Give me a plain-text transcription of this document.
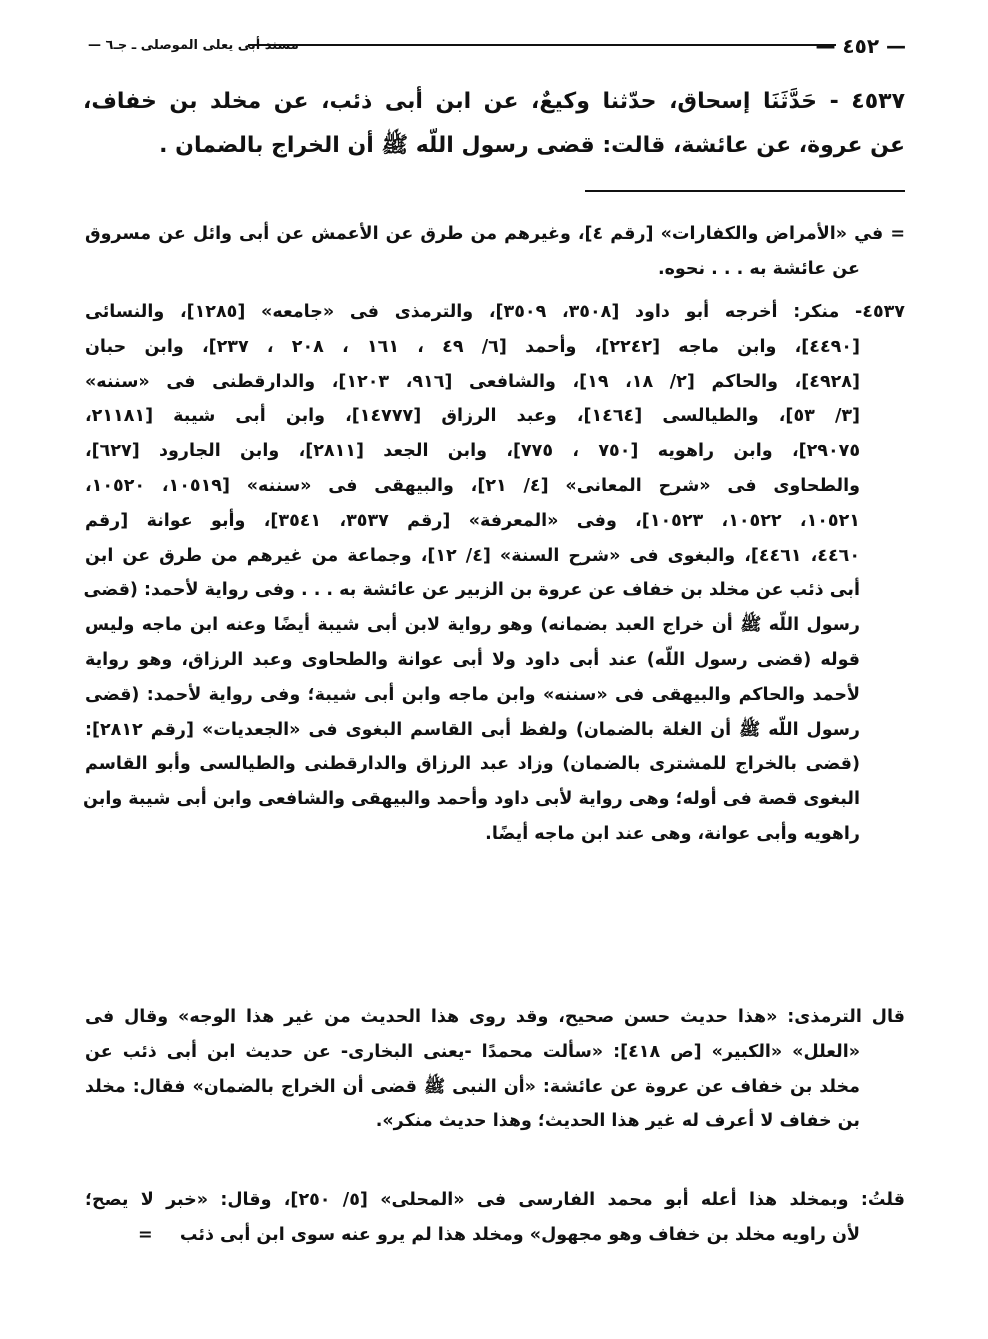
— ٤٥٢ —
مسند أبى يعلى الموصلى ـ جـ٦ —
٤٥٣٧ - حَدَّثَنَا إسحاق، حدّثنا وكيعٌ، عن ابن أبى ذئب، عن مخلد بن خفاف،
عن عروة، عن عائشة، قالت: قضى رسول اللّه ﷺ أن الخراج بالضمان .
= في «الأمراض والكفارات» [رقم ٤]، وغيرهم من طرق عن الأعمش عن أبى وائل عن مسروق
عن عائشة به . . . نحوه.
٤٥٣٧- منكر: أخرجه أبو داود [٣٥٠٨، ٣٥٠٩]، والترمذى فى «جامعه» [١٢٨٥]، والنسائى
[٤٤٩٠]، وابن ماجه [٢٢٤٢]، وأحمد [٦/ ٤٩ ، ١٦١ ، ٢٠٨ ، ٢٣٧]، وابن حبان
[٤٩٢٨]، والحاكم [٢/ ١٨، ١٩]، والشافعى [٩١٦، ١٢٠٣]، والدارقطنى فى «سننه»
[٣/ ٥٣]، والطيالسى [١٤٦٤]، وعبد الرزاق [١٤٧٧٧]، وابن أبى شيبة [٢١١٨١،
٢٩٠٧٥]، وابن راهويه [٧٥٠ ، ٧٧٥]، وابن الجعد [٢٨١١]، وابن الجارود [٦٢٧]،
والطحاوى فى «شرح المعانى» [٤/ ٢١]، والبيهقى فى «سننه» [١٠٥١٩، ١٠٥٢٠،
١٠٥٢١، ١٠٥٢٢، ١٠٥٢٣]، وفى «المعرفة» [رقم ٣٥٣٧، ٣٥٤١]، وأبو عوانة [رقم
٤٤٦٠، ٤٤٦١]، والبغوى فى «شرح السنة» [٤/ ١٢]، وجماعة من غيرهم من طرق عن ابن
أبى ذئب عن مخلد بن خفاف عن عروة بن الزبير عن عائشة به . . . وفى رواية لأحمد: (قضى
رسول اللّه ﷺ أن خراج العبد بضمانه) وهو رواية لابن أبى شيبة أيضًا وعنه ابن ماجه وليس
قوله (قضى رسول اللّه) عند أبى داود ولا أبى عوانة والطحاوى وعبد الرزاق، وهو رواية
لأحمد والحاكم والبيهقى فى «سننه» وابن ماجه وابن أبى شيبة؛ وفى رواية لأحمد: (قضى
رسول اللّه ﷺ أن الغلة بالضمان) ولفظ أبى القاسم البغوى فى «الجعديات» [رقم ٢٨١٢]:
(قضى بالخراج للمشترى بالضمان) وزاد عبد الرزاق والدارقطنى والطيالسى وأبو القاسم
البغوى قصة فى أوله؛ وهى رواية لأبى داود وأحمد والبيهقى والشافعى وابن أبى شيبة وابن
راهويه وأبى عوانة، وهى عند ابن ماجه أيضًا.
قال الترمذى: «هذا حديث حسن صحيح، وقد روى هذا الحديث من غير هذا الوجه» وقال فى
«العلل» «الكبير» [ص ٤١٨]: «سألت محمدًا -يعنى البخارى- عن حديث ابن أبى ذئب عن
مخلد بن خفاف عن عروة عن عائشة: «أن النبى ﷺ قضى أن الخراج بالضمان» فقال: مخلد
بن خفاف لا أعرف له غير هذا الحديث؛ وهذا حديث منكر».
قلتُ: وبمخلد هذا أعله أبو محمد الفارسى فى «المحلى» [٥/ ٢٥٠]، وقال: «خبر لا يصح؛
لأن راويه مخلد بن خفاف وهو مجهول» ومخلد هذا لم يرو عنه سوى ابن أبى ذئب
=
